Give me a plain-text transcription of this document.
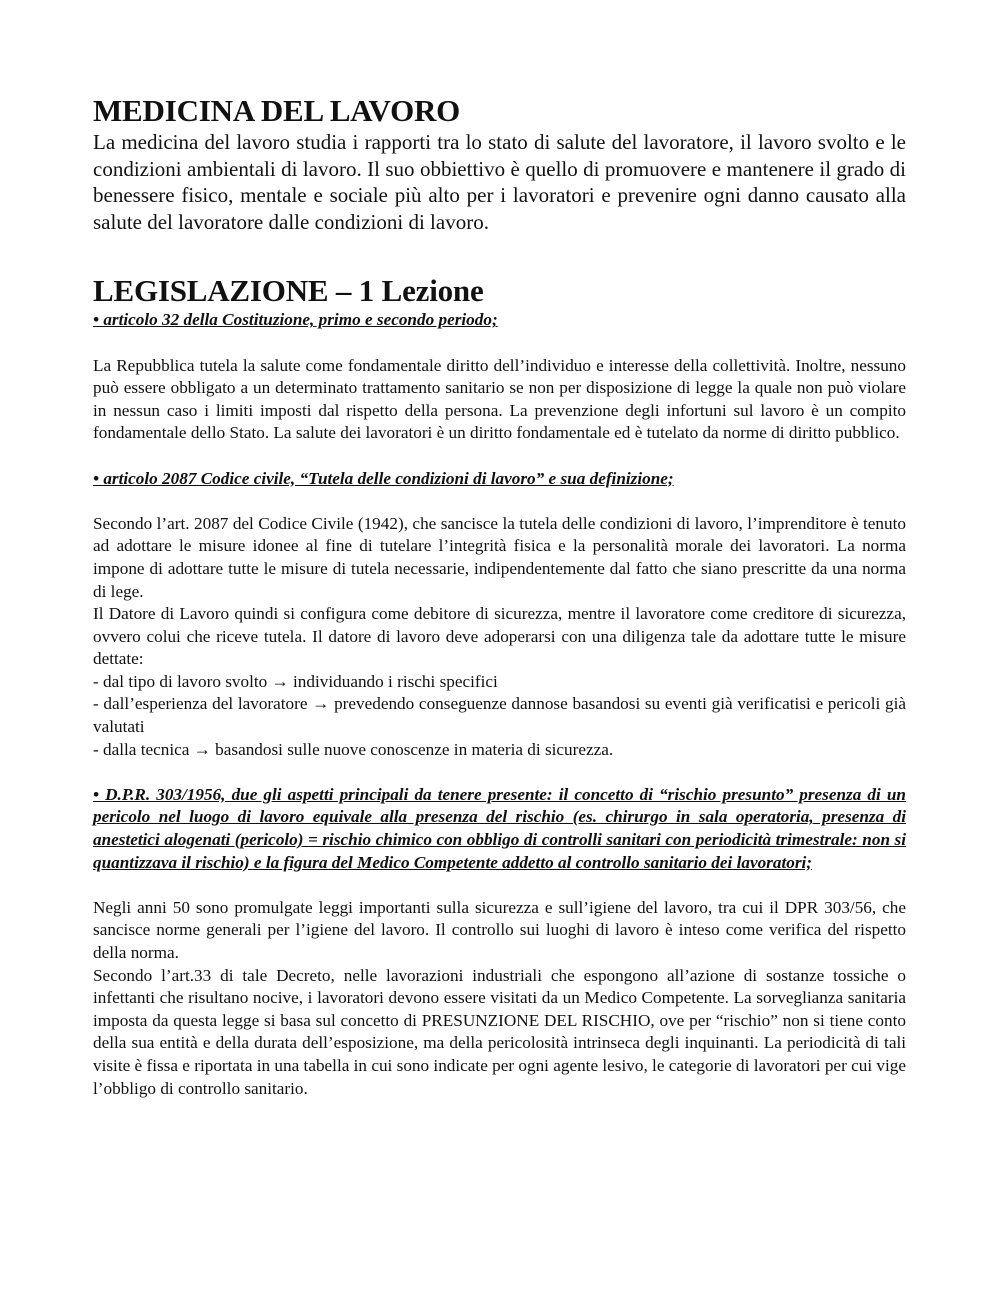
MEDICINA DEL LAVORO

La medicina del lavoro studia i rapporti tra lo stato di salute del lavoratore, il lavoro svolto e le condizioni ambientali di lavoro. Il suo obbiettivo è quello di promuovere e mantenere il grado di benessere fisico, mentale e sociale più alto per i lavoratori e prevenire ogni danno causato alla salute del lavoratore dalle condizioni di lavoro.

LEGISLAZIONE – 1 Lezione

• articolo 32 della Costituzione, primo e secondo periodo;

La Repubblica tutela la salute come fondamentale diritto dell’individuo e interesse della collettività. Inoltre, nessuno può essere obbligato a un determinato trattamento sanitario se non per disposizione di legge la quale non può violare in nessun caso i limiti imposti dal rispetto della persona. La prevenzione degli infortuni sul lavoro è un compito fondamentale dello Stato. La salute dei lavoratori è un diritto fondamentale ed è tutelato da norme di diritto pubblico.

• articolo 2087 Codice civile, “Tutela delle condizioni di lavoro” e sua definizione;

Secondo l’art. 2087 del Codice Civile (1942), che sancisce la tutela delle condizioni di lavoro, l’imprenditore è tenuto ad adottare le misure idonee al fine di tutelare l’integrità fisica e la personalità morale dei lavoratori. La norma impone di adottare tutte le misure di tutela necessarie, indipendentemente dal fatto che siano prescritte da una norma di lege.

Il Datore di Lavoro quindi si configura come debitore di sicurezza, mentre il lavoratore come creditore di sicurezza, ovvero colui che riceve tutela. Il datore di lavoro deve adoperarsi con una diligenza tale da adottare tutte le misure dettate:

- dal tipo di lavoro svolto → individuando i rischi specifici

- dall’esperienza del lavoratore → prevedendo conseguenze dannose basandosi su eventi già verificatisi e pericoli già valutati

- dalla tecnica → basandosi sulle nuove conoscenze in materia di sicurezza.

• D.P.R. 303/1956, due gli aspetti principali da tenere presente: il concetto di “rischio presunto” presenza di un pericolo nel luogo di lavoro equivale alla presenza del rischio (es. chirurgo in sala operatoria, presenza di anestetici alogenati (pericolo) = rischio chimico con obbligo di controlli sanitari con periodicità trimestrale: non si quantizzava il rischio) e la figura del Medico Competente addetto al controllo sanitario dei lavoratori;

Negli anni 50 sono promulgate leggi importanti sulla sicurezza e sull’igiene del lavoro, tra cui il DPR 303/56, che sancisce norme generali per l’igiene del lavoro. Il controllo sui luoghi di lavoro è inteso come verifica del rispetto della norma.

Secondo l’art.33 di tale Decreto, nelle lavorazioni industriali che espongono all’azione di sostanze tossiche o infettanti che risultano nocive, i lavoratori devono essere visitati da un Medico Competente. La sorveglianza sanitaria imposta da questa legge si basa sul concetto di PRESUNZIONE DEL RISCHIO, ove per “rischio” non si tiene conto della sua entità e della durata dell’esposizione, ma della pericolosità intrinseca degli inquinanti. La periodicità di tali visite è fissa e riportata in una tabella in cui sono indicate per ogni agente lesivo, le categorie di lavoratori per cui vige l’obbligo di controllo sanitario.
